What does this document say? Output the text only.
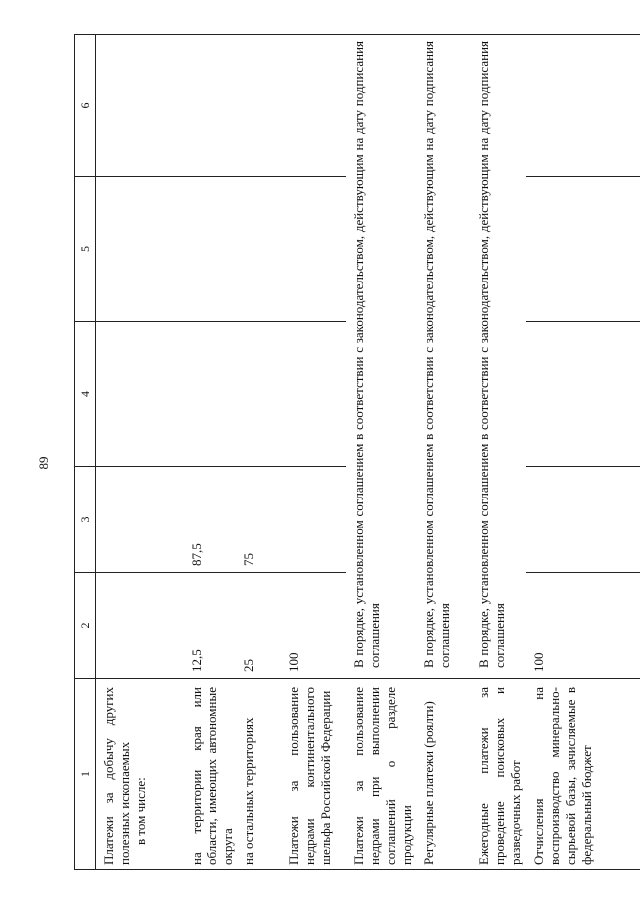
89
1	2	3	4	5	6

Платежи за добычу других полезных ископаемых в том числе:					

на территории края или области, имеющих автономные округа	12,5	87,5			
на остальных территориях	25	75			
Платежи за пользование недрами континентального шельфа Российской Федерации	100				
Платежи за пользование недрами при выполнении соглашений о разделе продукции	В порядке, установленном соглашением в соответствии с законодательством, действующим на дату подписания соглашения				
Регулярные платежи (роялти)	В порядке, установленном соглашением в соответствии с законодательством, действующим на дату подписания соглашения				
Ежегодные платежи за проведение поисковых и разведочных работ	В порядке, установленном соглашением в соответствии с законодательством, действующим на дату подписания соглашения				
Отчисления на воспроизводство минерально-сырьевой базы, зачисляемые в федеральный бюджет	100				
